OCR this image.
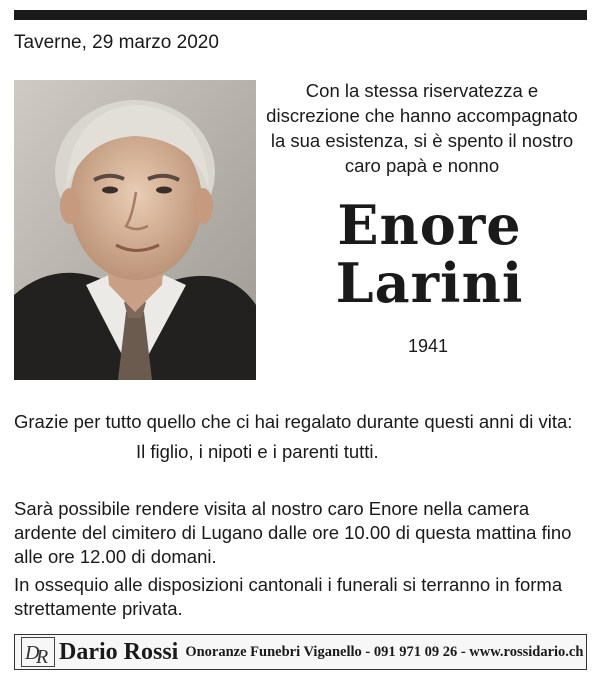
Taverne, 29 marzo 2020
Con la stessa riservatezza e
discrezione che hanno accompagnato
la sua esistenza, si è spento il nostro
caro papà e nonno
Enore
Larini
1941
Grazie per tutto quello che ci hai regalato durante questi anni di vita:
Il figlio, i nipoti e i parenti tutti.
Sarà possibile rendere visita al nostro caro Enore nella camera
ardente del cimitero di Lugano dalle ore 10.00 di questa mattina fino
alle ore 12.00 di domani.
In ossequio alle disposizioni cantonali i funerali si terranno in forma
strettamente privata.
D
R Dario Rossi Onoranze Funebri Viganello - 091 971 09 26 - www.rossidario.ch
